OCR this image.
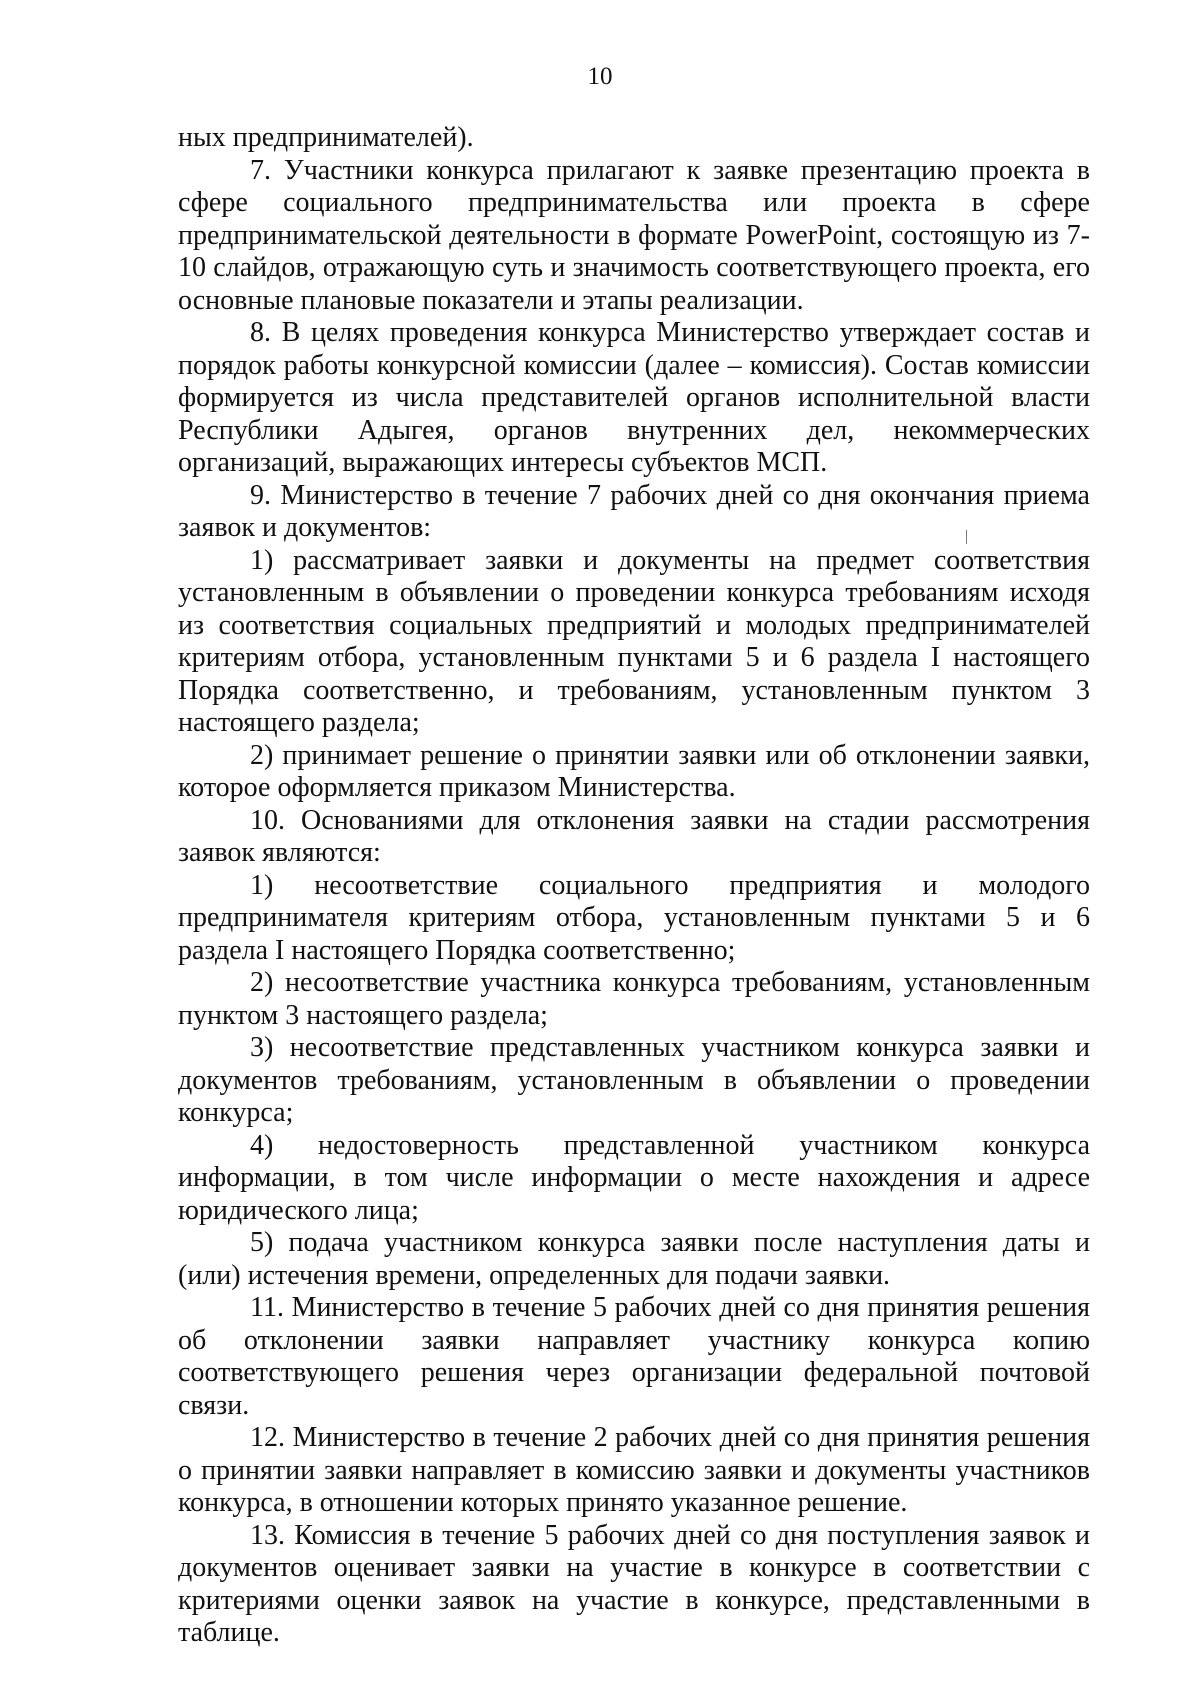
10

ных предпринимателей).

7. Участники конкурса прилагают к заявке презентацию проекта в сфере социального предпринимательства или проекта в сфере предпринимательской деятельности в формате PowerPoint, состоящую из 7-10 слайдов, отражающую суть и значимость соответствующего проекта, его основные плановые показатели и этапы реализации.

8. В целях проведения конкурса Министерство утверждает состав и порядок работы конкурсной комиссии (далее – комиссия). Состав комиссии формируется из числа представителей органов исполнительной власти Республики Адыгея, органов внутренних дел, некоммерческих организаций, выражающих интересы субъектов МСП.

9. Министерство в течение 7 рабочих дней со дня окончания приема заявок и документов:

1) рассматривает заявки и документы на предмет соответствия установленным в объявлении о проведении конкурса требованиям исходя из соответствия социальных предприятий и молодых предпринимателей критериям отбора, установленным пунктами 5 и 6 раздела I настоящего Порядка соответственно, и требованиям, установленным пунктом 3 настоящего раздела;

2) принимает решение о принятии заявки или об отклонении заявки, которое оформляется приказом Министерства.

10. Основаниями для отклонения заявки на стадии рассмотрения заявок являются:

1) несоответствие социального предприятия и молодого предпринимателя критериям отбора, установленным пунктами 5 и 6 раздела I настоящего Порядка соответственно;

2) несоответствие участника конкурса требованиям, установленным пунктом 3 настоящего раздела;

3) несоответствие представленных участником конкурса заявки и документов требованиям, установленным в объявлении о проведении конкурса;

4) недостоверность представленной участником конкурса информации, в том числе информации о месте нахождения и адресе юридического лица;

5) подача участником конкурса заявки после наступления даты и (или) истечения времени, определенных для подачи заявки.

11. Министерство в течение 5 рабочих дней со дня принятия решения об отклонении заявки направляет участнику конкурса копию соответствующего решения через организации федеральной почтовой связи.

12. Министерство в течение 2 рабочих дней со дня принятия решения о принятии заявки направляет в комиссию заявки и документы участников конкурса, в отношении которых принято указанное решение.

13. Комиссия в течение 5 рабочих дней со дня поступления заявок и документов оценивает заявки на участие в конкурсе в соответствии с критериями оценки заявок на участие в конкурсе, представленными в таблице.
